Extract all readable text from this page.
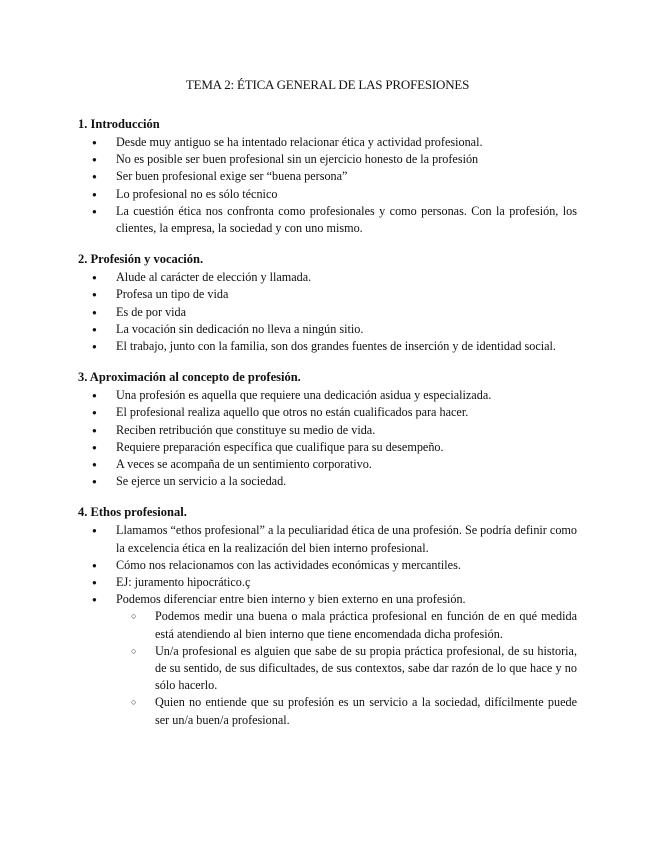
TEMA 2: ÉTICA GENERAL DE LAS PROFESIONES
1. Introducción
● Desde muy antiguo se ha intentado relacionar ética y actividad profesional.
● No es posible ser buen profesional sin un ejercicio honesto de la profesión
● Ser buen profesional exige ser “buena persona”
● Lo profesional no es sólo técnico
● La cuestión ética nos confronta como profesionales y como personas. Con la profesión, los clientes, la empresa, la sociedad y con uno mismo.
2. Profesión y vocación.
● Alude al carácter de elección y llamada.
● Profesa un tipo de vida
● Es de por vida
● La vocación sin dedicación no lleva a ningún sitio.
● El trabajo, junto con la familia, son dos grandes fuentes de inserción y de identidad social.
3. Aproximación al concepto de profesión.
● Una profesión es aquella que requiere una dedicación asidua y especializada.
● El profesional realiza aquello que otros no están cualificados para hacer.
● Reciben retribución que constituye su medio de vida.
● Requiere preparación específica que cualifique para su desempeño.
● A veces se acompaña de un sentimiento corporativo.
● Se ejerce un servicio a la sociedad.
4. Ethos profesional.
● Llamamos “ethos profesional” a la peculiaridad ética de una profesión. Se podría definir como la excelencia ética en la realización del bien interno profesional.
● Cómo nos relacionamos con las actividades económicas y mercantiles.
● EJ: juramento hipocrático.ç
● Podemos diferenciar entre bien interno y bien externo en una profesión.
○ Podemos medir una buena o mala práctica profesional en función de en qué medida está atendiendo al bien interno que tiene encomendada dicha profesión.
○ Un/a profesional es alguien que sabe de su propia práctica profesional, de su historia, de su sentido, de sus dificultades, de sus contextos, sabe dar razón de lo que hace y no sólo hacerlo.
○ Quien no entiende que su profesión es un servicio a la sociedad, difícilmente puede ser un/a buen/a profesional.
